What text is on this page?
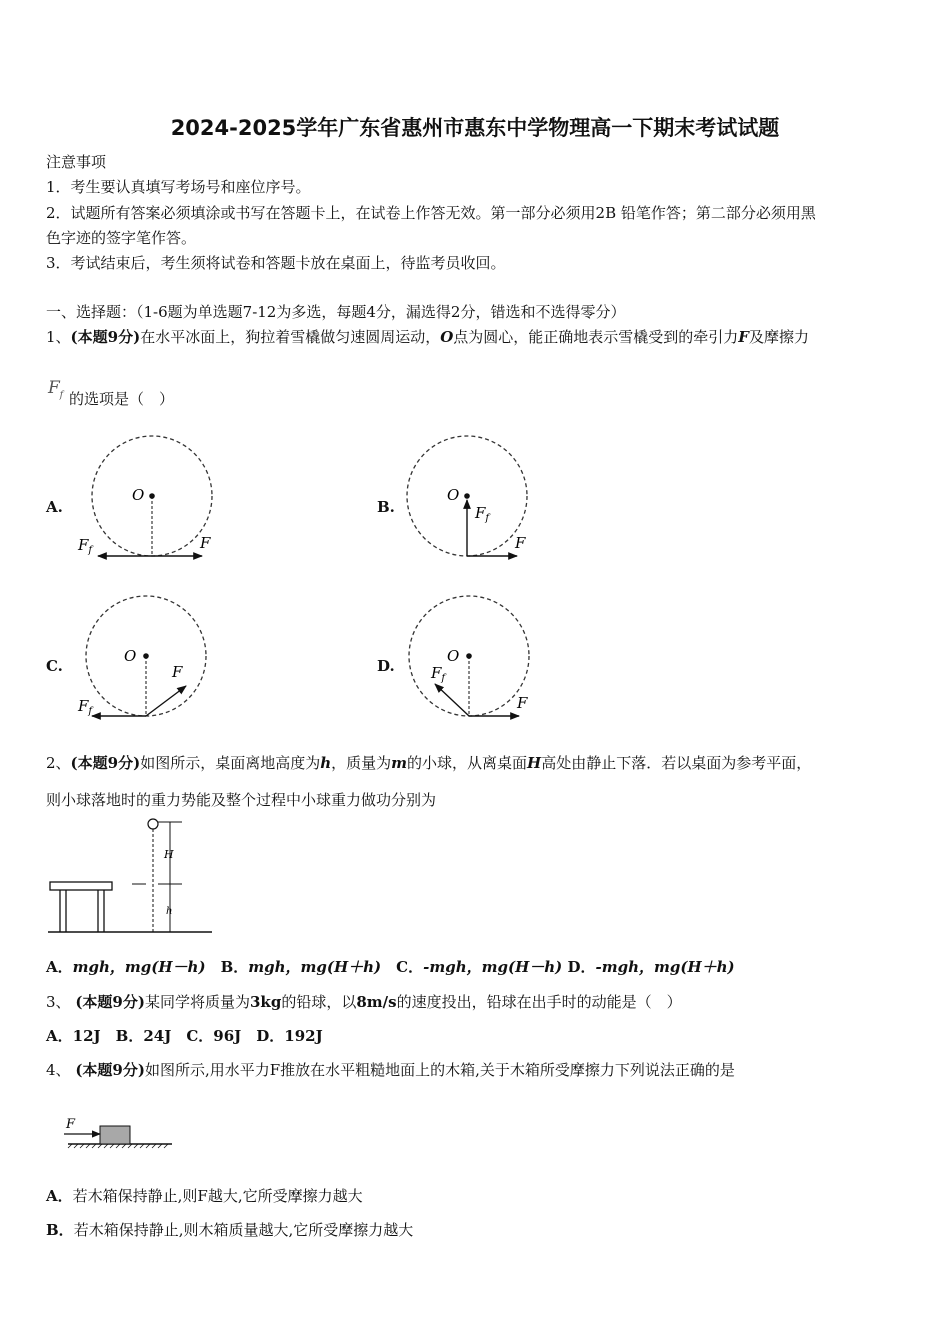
2024-2025学年广东省惠州市惠东中学物理高一下期末考试试题
注意事项
1．考生要认真填写考场号和座位序号。
2．试题所有答案必须填涂或书写在答题卡上，在试卷上作答无效。第一部分必须用2B 铅笔作答；第二部分必须用黑
色字迹的签字笔作答。
3．考试结束后，考生须将试卷和答题卡放在桌面上，待监考员收回。
一、选择题：（1-6题为单选题7-12为多选，每题4分，漏选得2分，错选和不选得零分）
1、(本题9分)在水平冰面上，狗拉着雪橇做匀速圆周运动，O点为圆心，能正确地表示雪橇受到的牵引力F及摩擦力
$F_f$ 的选项是（　）
A.	B.
C.	D.
O
F
$F_f$
O
F
$F_f$
O
F
$F_f$
O
F
$F_f$
2、(本题9分)如图所示，桌面离地高度为h，质量为m的小球，从离桌面H高处由静止下落．若以桌面为参考平面，
则小球落地时的重力势能及整个过程中小球重力做功分别为
H
h
A．mgh，mg(H－h)　 B．mgh，mg(H＋h)　 C．-mgh，mg(H－h) D．-mgh，mg(H＋h)
3、 (本题9分)某同学将质量为3kg的铅球，以8m/s的速度投出，铅球在出手时的动能是（　）
A．12J　 B．24J　 C．96J　 D．192J
4、 (本题9分)如图所示,用水平力F推放在水平粗糙地面上的木箱,关于木箱所受摩擦力下列说法正确的是
F
A．若木箱保持静止,则F越大,它所受摩擦力越大
B．若木箱保持静止,则木箱质量越大,它所受摩擦力越大
